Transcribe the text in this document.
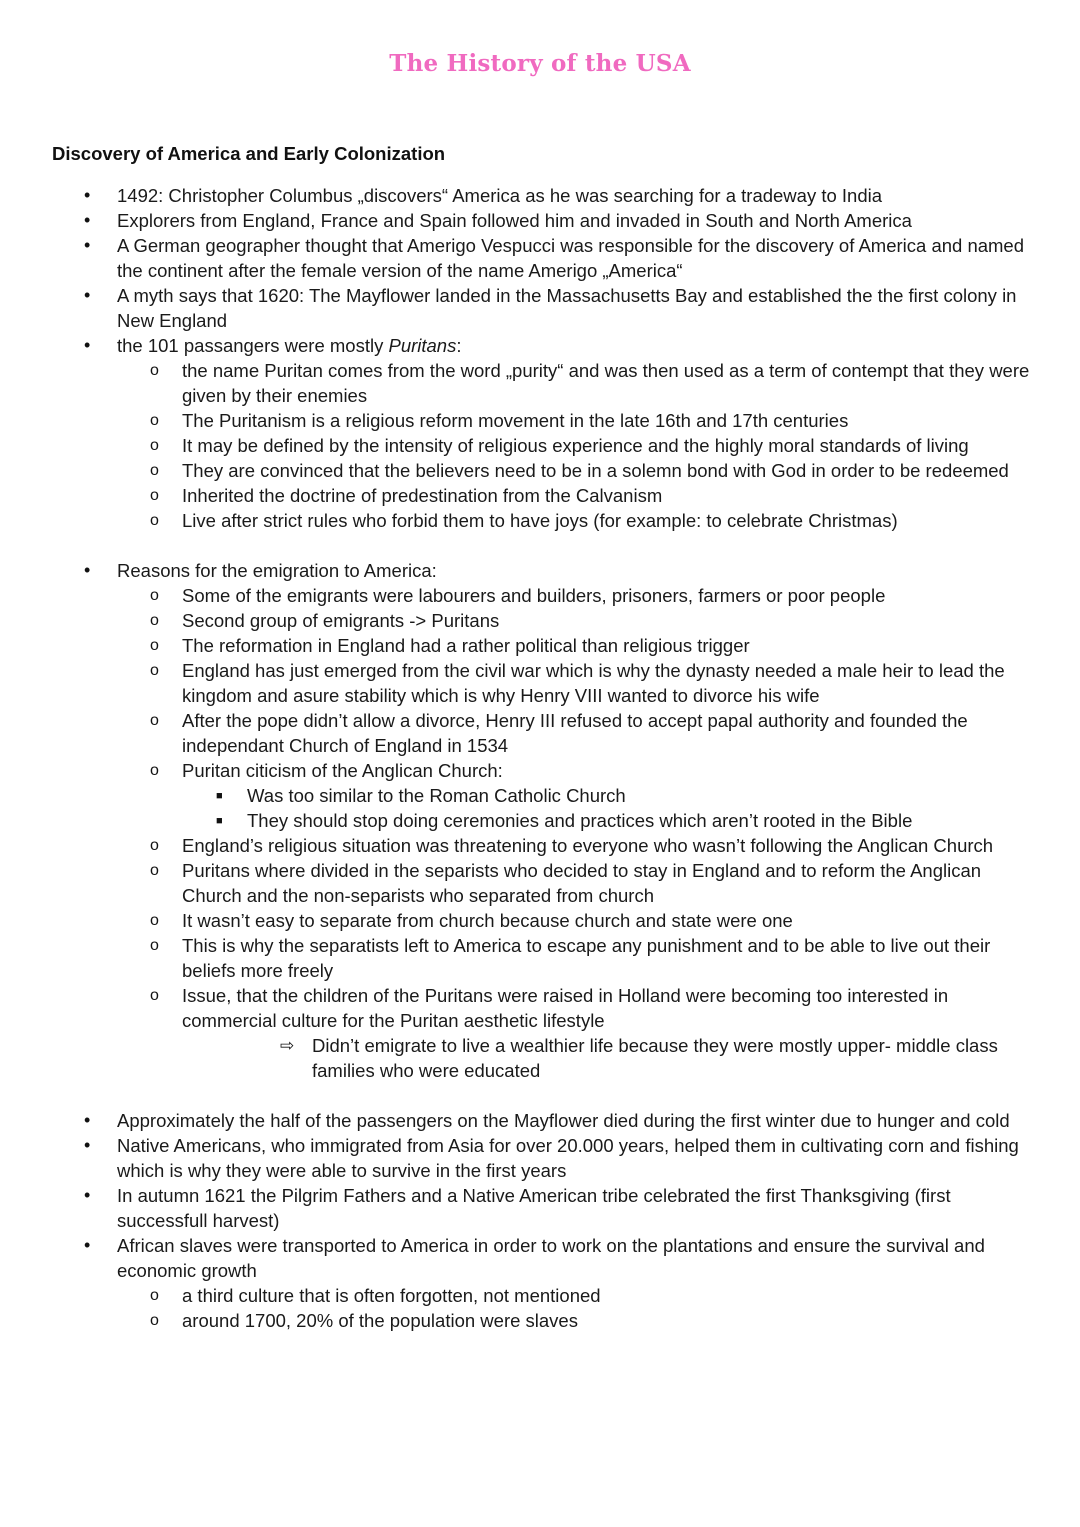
The History of the USA
Discovery of America and Early Colonization
• 1492: Christopher Columbus „discovers“ America as he was searching for a tradeway to India
• Explorers from England, France and Spain followed him and invaded in South and North America
• A German geographer thought that Amerigo Vespucci was responsible for the discovery of America and named the continent after the female version of the name Amerigo „America“
• A myth says that 1620: The Mayflower landed in the Massachusetts Bay and established the the first colony in New England
• the 101 passangers were mostly Puritans:
o the name Puritan comes from the word „purity“ and was then used as a term of contempt that they were given by their enemies
o The Puritanism is a religious reform movement in the late 16th and 17th centuries
o It may be defined by the intensity of religious experience and the highly moral standards of living
o They are convinced that the believers need to be in a solemn bond with God in order to be redeemed
o Inherited the doctrine of predestination from the Calvanism
o Live after strict rules who forbid them to have joys (for example: to celebrate Christmas)
• Reasons for the emigration to America:
o Some of the emigrants were labourers and builders, prisoners, farmers or poor people
o Second group of emigrants -> Puritans
o The reformation in England had a rather political than religious trigger
o England has just emerged from the civil war which is why the dynasty needed a male heir to lead the kingdom and asure stability which is why Henry VIII wanted to divorce his wife
o After the pope didn’t allow a divorce, Henry III refused to accept papal authority and founded the independant Church of England in 1534
o Puritan citicism of the Anglican Church:
■ Was too similar to the Roman Catholic Church
■ They should stop doing ceremonies and practices which aren’t rooted in the Bible
o England’s religious situation was threatening to everyone who wasn’t following the Anglican Church
o Puritans where divided in the separists who decided to stay in England and to reform the Anglican Church and the non-separists who separated from church
o It wasn’t easy to separate from church because church and state were one
o This is why the separatists left to America to escape any punishment and to be able to live out their beliefs more freely
o Issue, that the children of the Puritans were raised in Holland were becoming too interested in commercial culture for the Puritan aesthetic lifestyle
⇨ Didn’t emigrate to live a wealthier life because they were mostly upper- middle class families who were educated
• Approximately the half of the passengers on the Mayflower died during the first winter due to hunger and cold
• Native Americans, who immigrated from Asia for over 20.000 years, helped them in cultivating corn and fishing which is why they were able to survive in the first years
• In autumn 1621 the Pilgrim Fathers and a Native American tribe celebrated the first Thanksgiving (first successfull harvest)
• African slaves were transported to America in order to work on the plantations and ensure the survival and economic growth
o a third culture that is often forgotten, not mentioned
o around 1700, 20% of the population were slaves
